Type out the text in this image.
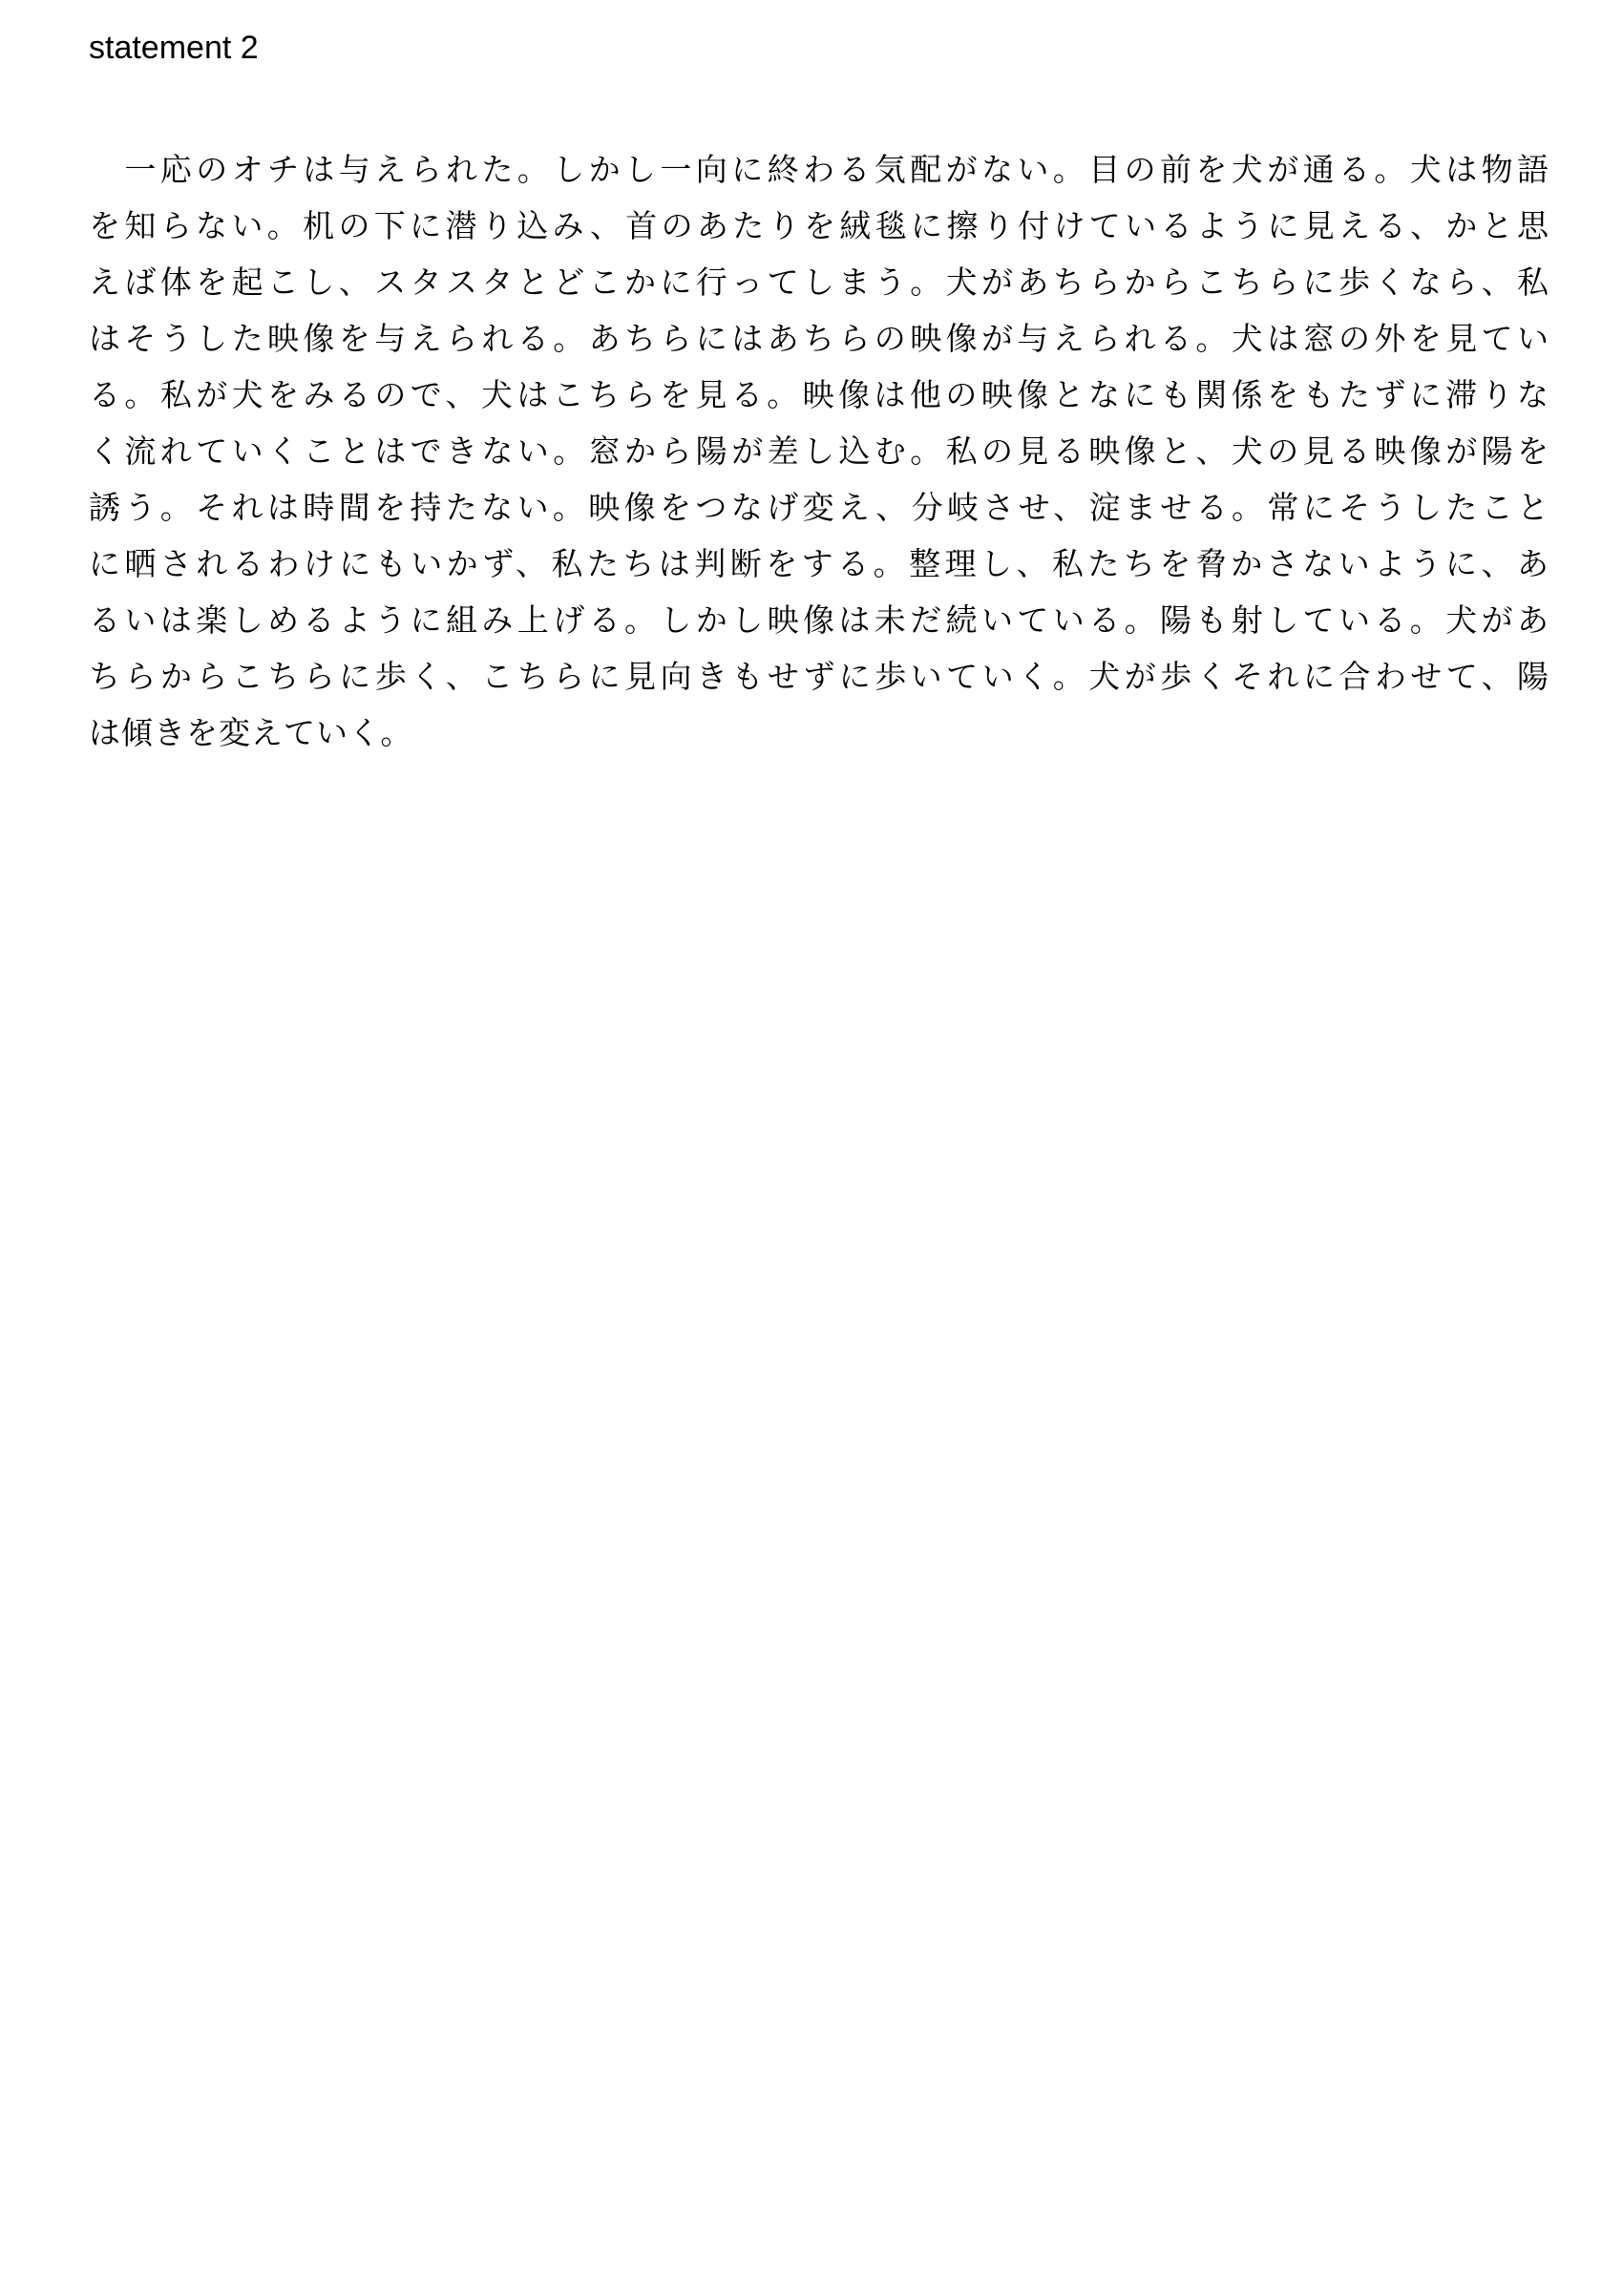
statement 2
　一応のオチは与えられた。しかし一向に終わる気配がない。目の前を犬が通る。犬は物語
を知らない。机の下に潜り込み、首のあたりを絨毯に擦り付けているように見える、かと思
えば体を起こし、スタスタとどこかに行ってしまう。犬があちらからこちらに歩くなら、私
はそうした映像を与えられる。あちらにはあちらの映像が与えられる。犬は窓の外を見てい
る。私が犬をみるので、犬はこちらを見る。映像は他の映像となにも関係をもたずに滞りな
く流れていくことはできない。窓から陽が差し込む。私の見る映像と、犬の見る映像が陽を
誘う。それは時間を持たない。映像をつなげ変え、分岐させ、淀ませる。常にそうしたこと
に晒されるわけにもいかず、私たちは判断をする。整理し、私たちを脅かさないように、あ
るいは楽しめるように組み上げる。しかし映像は未だ続いている。陽も射している。犬があ
ちらからこちらに歩く、こちらに見向きもせずに歩いていく。犬が歩くそれに合わせて、陽
は傾きを変えていく。
